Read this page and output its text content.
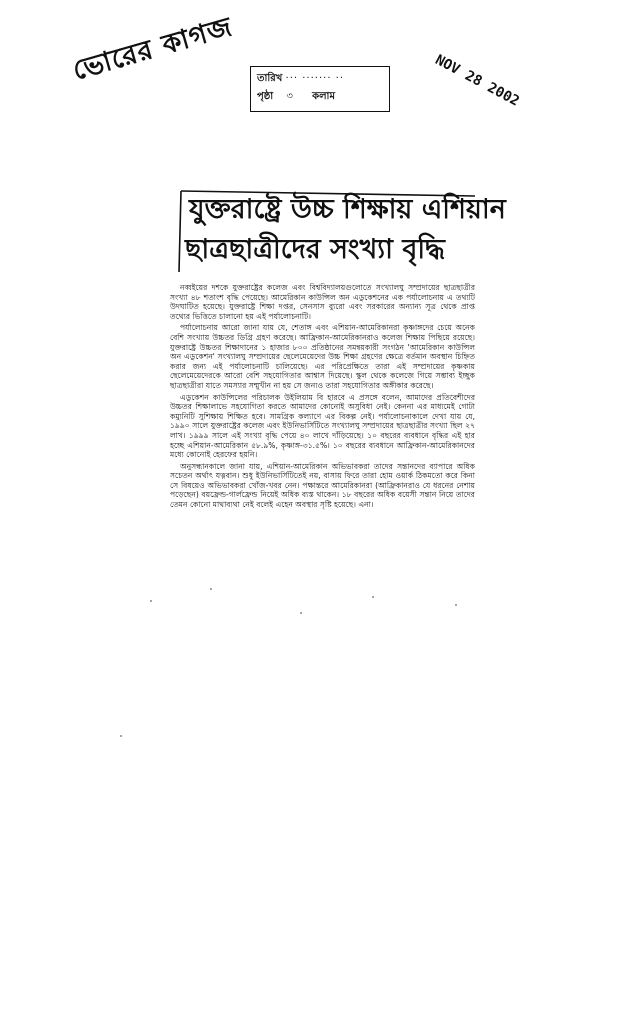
ভোরের কাগজ তারিখ ··· ······· ··
পৃষ্ঠা ৩ কলাম	NOV 28 2002
যুক্তরাষ্ট্রে উচ্চ শিক্ষায় এশিয়ান
ছাত্রছাত্রীদের সংখ্যা বৃদ্ধি

নব্বইয়ের দশকে যুক্তরাষ্ট্রের কলেজ এবং বিশ্ববিদ্যালয়গুলোতে সংখ্যালঘু সম্প্রদায়ের ছাত্রছাত্রীর সংখ্যা ৪৮ শতাংশ বৃদ্ধি পেয়েছে। আমেরিকান কাউন্সিল অন এডুকেশনের এক পর্যালোচনায় এ তথ্যটি উদঘাটিত হয়েছে। যুক্তরাষ্ট্রে শিক্ষা দপ্তর, সেনসাস ব্যুরো এবং সরকারের অন্যান্য সূত্র থেকে প্রাপ্ত তথ্যের ভিত্তিতে চালানো হয় এই পর্যালোচনাটি।

পর্যালোচনায় আরো জানা যায় যে, শেতাঙ্গ এবং এশিয়ান-আমেরিকানরা কৃষ্ণাঙ্গদের চেয়ে অনেক বেশি সংখ্যায় উচ্চতর ডিগ্রি গ্রহণ করেছে। আফ্রিকান-আমেরিকানরাও কলেজ শিক্ষায় পিছিয়ে রয়েছে। যুক্তরাষ্ট্রে উচ্চতর শিক্ষাদানের ১ হাজার ৮০০ প্রতিষ্ঠানের সমন্বয়কারী সংগঠন 'আমেরিকান কাউন্সিল অন এডুকেশন' সংখ্যালঘু সম্প্রদায়ের ছেলেমেয়েদের উচ্চ শিক্ষা গ্রহণের ক্ষেত্রে বর্তমান অবস্থান চিহ্নিত করার জন্য এই পর্যালোচনাটি চালিয়েছে। এর পরিপ্রেক্ষিতে তারা এই সম্প্রদায়ের কৃষ্ণকায় ছেলেমেয়েদেরকে আরো বেশি সহযোগিতার আশ্বাস দিয়েছে। স্কুল থেকে কলেজে গিয়ে সম্ভাব্য ইচ্ছুক ছাত্রছাত্রীরা যাতে সমস্যার সম্মুখীন না হয় সে জন্যও তারা সহযোগিতার অঙ্গীকার করেছে।

এডুকেশন কাউন্সিলের পরিচালক উইলিয়াম বি হারবে এ প্রসঙ্গে বলেন, আমাদের প্রতিবেশীদের উচ্চতর শিক্ষালাভে সহযোগিতা করতে আমাদের কোনোই অসুবিধা নেই। কেননা এর মাধ্যমেই গোটা কম্যুনিটি সুশিক্ষায় শিক্ষিত হবে। সামগ্রিক কল্যাণে এর বিকল্প নেই। পর্যালোচনাকালে দেখা যায় যে, ১৯৯০ সালে যুক্তরাষ্ট্রের কলেজ এবং ইউনিভার্সিটিতে সংখ্যালঘু সম্প্রদায়ের ছাত্রছাত্রীর সংখ্যা ছিল ২৭ লাখ। ১৯৯৯ সালে এই সংখ্যা বৃদ্ধি পেয়ে ৪০ লাখে দাঁড়িয়েছে। ১০ বছরের ব্যবধানে বৃদ্ধির এই হার হচ্ছে এশিয়ান-আমেরিকান ৫৮.৯%, কৃষ্ণাঙ্গ-৩১.৫%। ১০ বছরের ব্যবধানে আফ্রিকান-আমেরিকানদের মধ্যে কোনোই হেরফের হয়নি।

অনুসন্ধানকালে জানা যায়, এশিয়ান-আমেরিকান অভিভাবকরা তাদের সন্তানদের ব্যাপারে অধিক সচেতন অর্থাৎ যত্নবান। শুধু ইউনিভার্সিটিতেই নয়, বাসায় ফিরে তারা হোম ওয়ার্ক ঠিকমতো করে কিনা সে বিষয়েও অভিভাবকরা খোঁজ-খবর নেন। পক্ষান্তরে আমেরিকানরা (আফ্রিকানরাও যে ধরনের নেশায় পড়েছেন) বয়ফ্রেন্ড-গার্লফ্রেন্ড নিয়েই অধিক ব্যস্ত থাকেন। ১৮ বছরের অধিক বয়েসী সন্তান নিয়ে তাদের তেমন কোনো মাথাব্যথা নেই বলেই এহেন অবস্থার সৃষ্টি হয়েছে। এনা।
